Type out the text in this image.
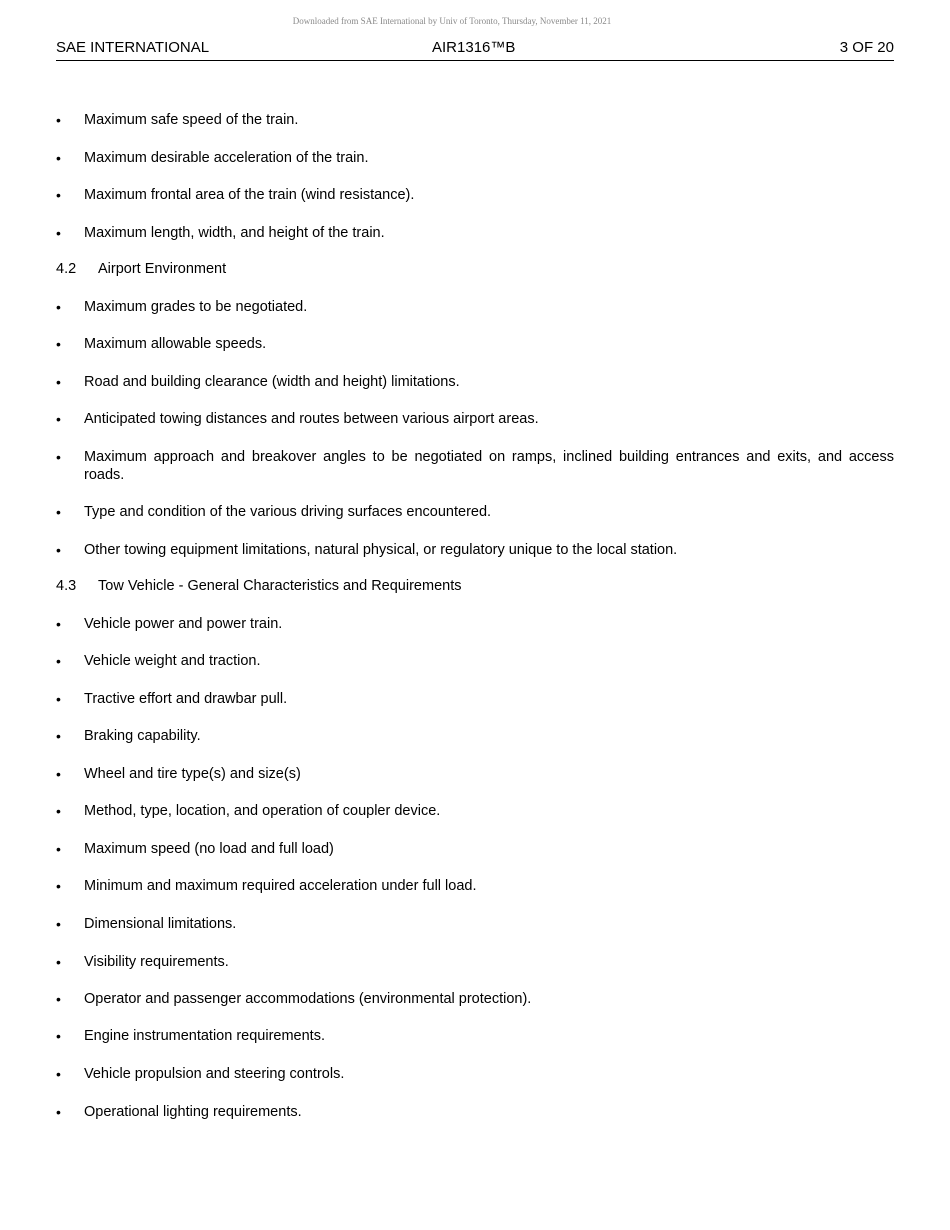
Downloaded from SAE International by Univ of Toronto, Thursday, November 11, 2021
SAE INTERNATIONAL	AIR1316™B	3 OF 20
•	Maximum safe speed of the train.
•	Maximum desirable acceleration of the train.
•	Maximum frontal area of the train (wind resistance).
•	Maximum length, width, and height of the train.
4.2 Airport Environment
•	Maximum grades to be negotiated.
•	Maximum allowable speeds.
•	Road and building clearance (width and height) limitations.
•	Anticipated towing distances and routes between various airport areas.
•	Maximum approach and breakover angles to be negotiated on ramps, inclined building entrances and exits, and access roads.
•	Type and condition of the various driving surfaces encountered.
•	Other towing equipment limitations, natural physical, or regulatory unique to the local station.
4.3 Tow Vehicle - General Characteristics and Requirements
•	Vehicle power and power train.
•	Vehicle weight and traction.
•	Tractive effort and drawbar pull.
•	Braking capability.
•	Wheel and tire type(s) and size(s)
•	Method, type, location, and operation of coupler device.
•	Maximum speed (no load and full load)
•	Minimum and maximum required acceleration under full load.
•	Dimensional limitations.
•	Visibility requirements.
•	Operator and passenger accommodations (environmental protection).
•	Engine instrumentation requirements.
•	Vehicle propulsion and steering controls.
•	Operational lighting requirements.
